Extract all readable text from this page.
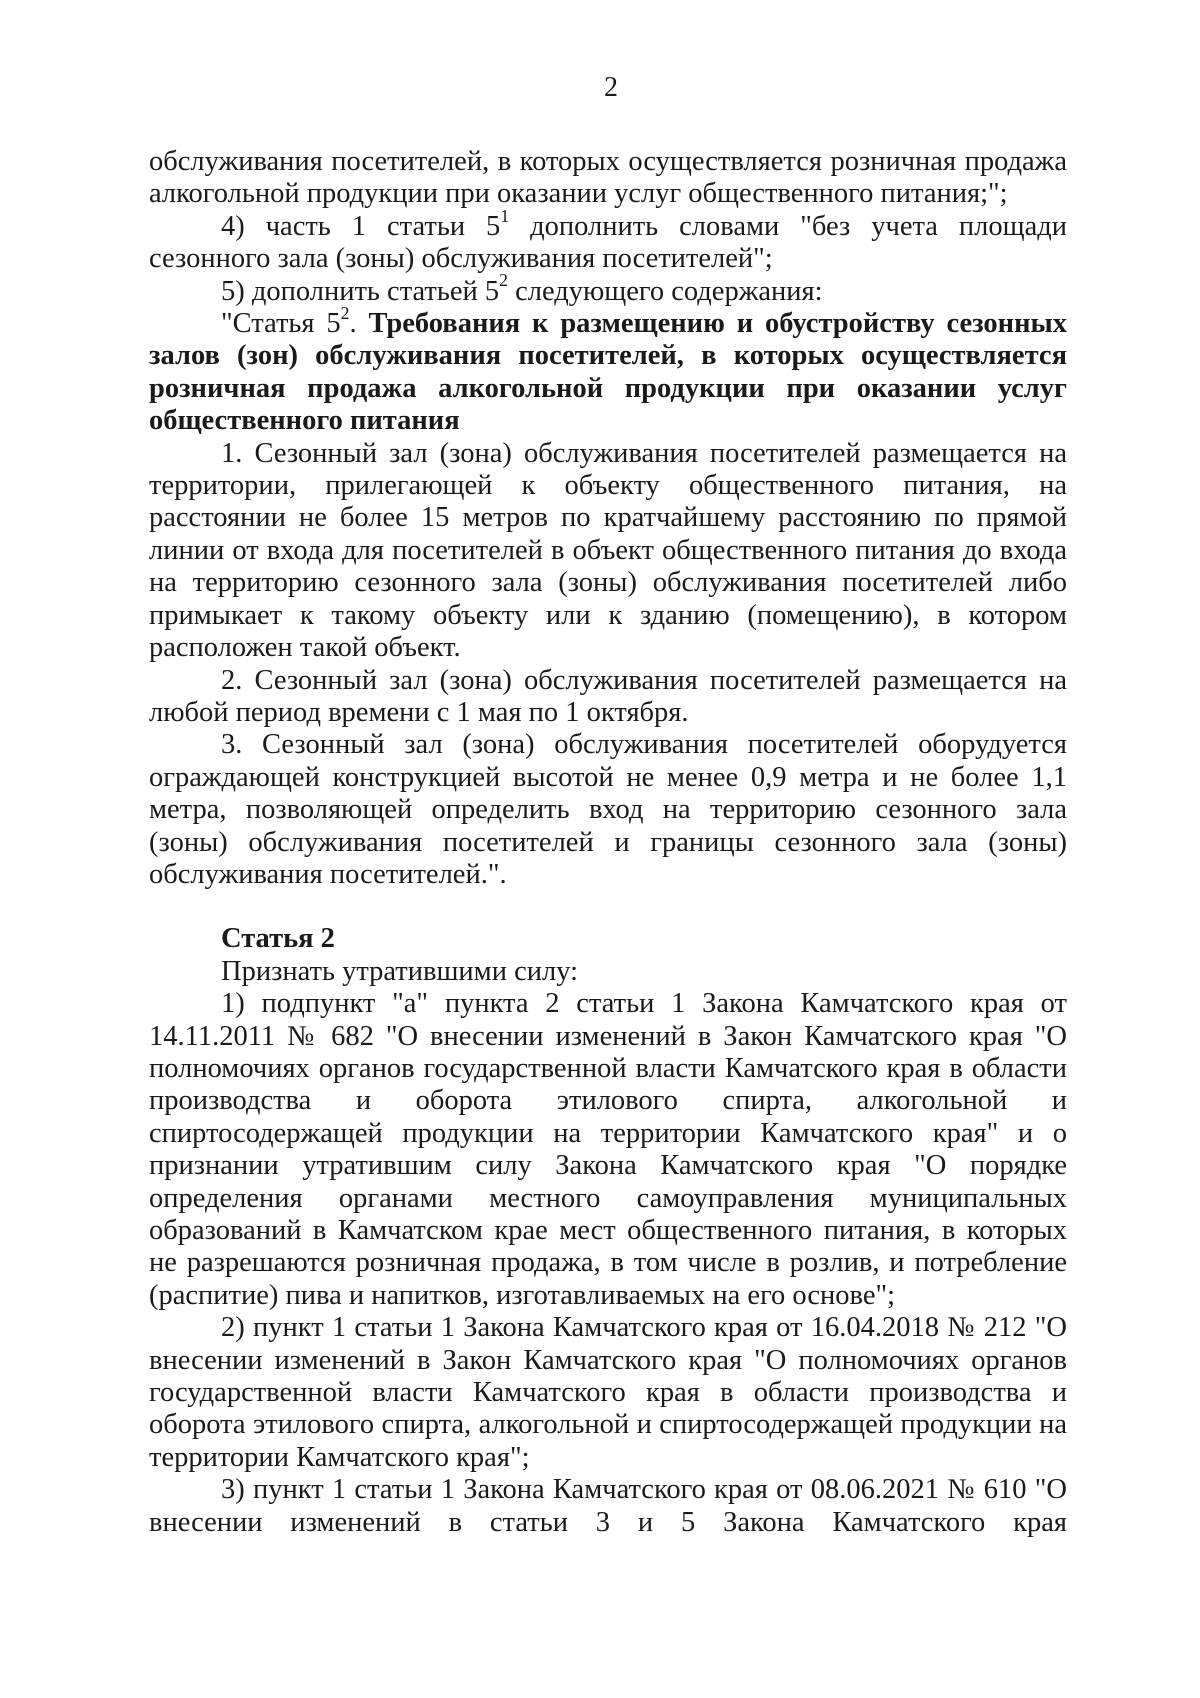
2

обслуживания посетителей, в которых осуществляется розничная продажа алкогольной продукции при оказании услуг общественного питания;";

4) часть 1 статьи $5^1$ дополнить словами "без учета площади сезонного зала (зоны) обслуживания посетителей";

5) дополнить статьей $5^2$ следующего содержания:

"Статья $5^2$. Требования к размещению и обустройству сезонных залов (зон) обслуживания посетителей, в которых осуществляется розничная продажа алкогольной продукции при оказании услуг общественного питания

1. Сезонный зал (зона) обслуживания посетителей размещается на территории, прилегающей к объекту общественного питания, на расстоянии не более 15 метров по кратчайшему расстоянию по прямой линии от входа для посетителей в объект общественного питания до входа на территорию сезонного зала (зоны) обслуживания посетителей либо примыкает к такому объекту или к зданию (помещению), в котором расположен такой объект.

2. Сезонный зал (зона) обслуживания посетителей размещается на любой период времени с 1 мая по 1 октября.

3. Сезонный зал (зона) обслуживания посетителей оборудуется ограждающей конструкцией высотой не менее 0,9 метра и не более 1,1 метра, позволяющей определить вход на территорию сезонного зала (зоны) обслуживания посетителей и границы сезонного зала (зоны) обслуживания посетителей.".

Статья 2

Признать утратившими силу:

1) подпункт "а" пункта 2 статьи 1 Закона Камчатского края от 14.11.2011 № 682 "О внесении изменений в Закон Камчатского края "О полномочиях органов государственной власти Камчатского края в области производства и оборота этилового спирта, алкогольной и спиртосодержащей продукции на территории Камчатского края" и о признании утратившим силу Закона Камчатского края "О порядке определения органами местного самоуправления муниципальных образований в Камчатском крае мест общественного питания, в которых не разрешаются розничная продажа, в том числе в розлив, и потребление (распитие) пива и напитков, изготавливаемых на его основе";

2) пункт 1 статьи 1 Закона Камчатского края от 16.04.2018 № 212 "О внесении изменений в Закон Камчатского края "О полномочиях органов государственной власти Камчатского края в области производства и оборота этилового спирта, алкогольной и спиртосодержащей продукции на территории Камчатского края";

3) пункт 1 статьи 1 Закона Камчатского края от 08.06.2021 № 610 "О внесении изменений в статьи 3 и 5 Закона Камчатского края
